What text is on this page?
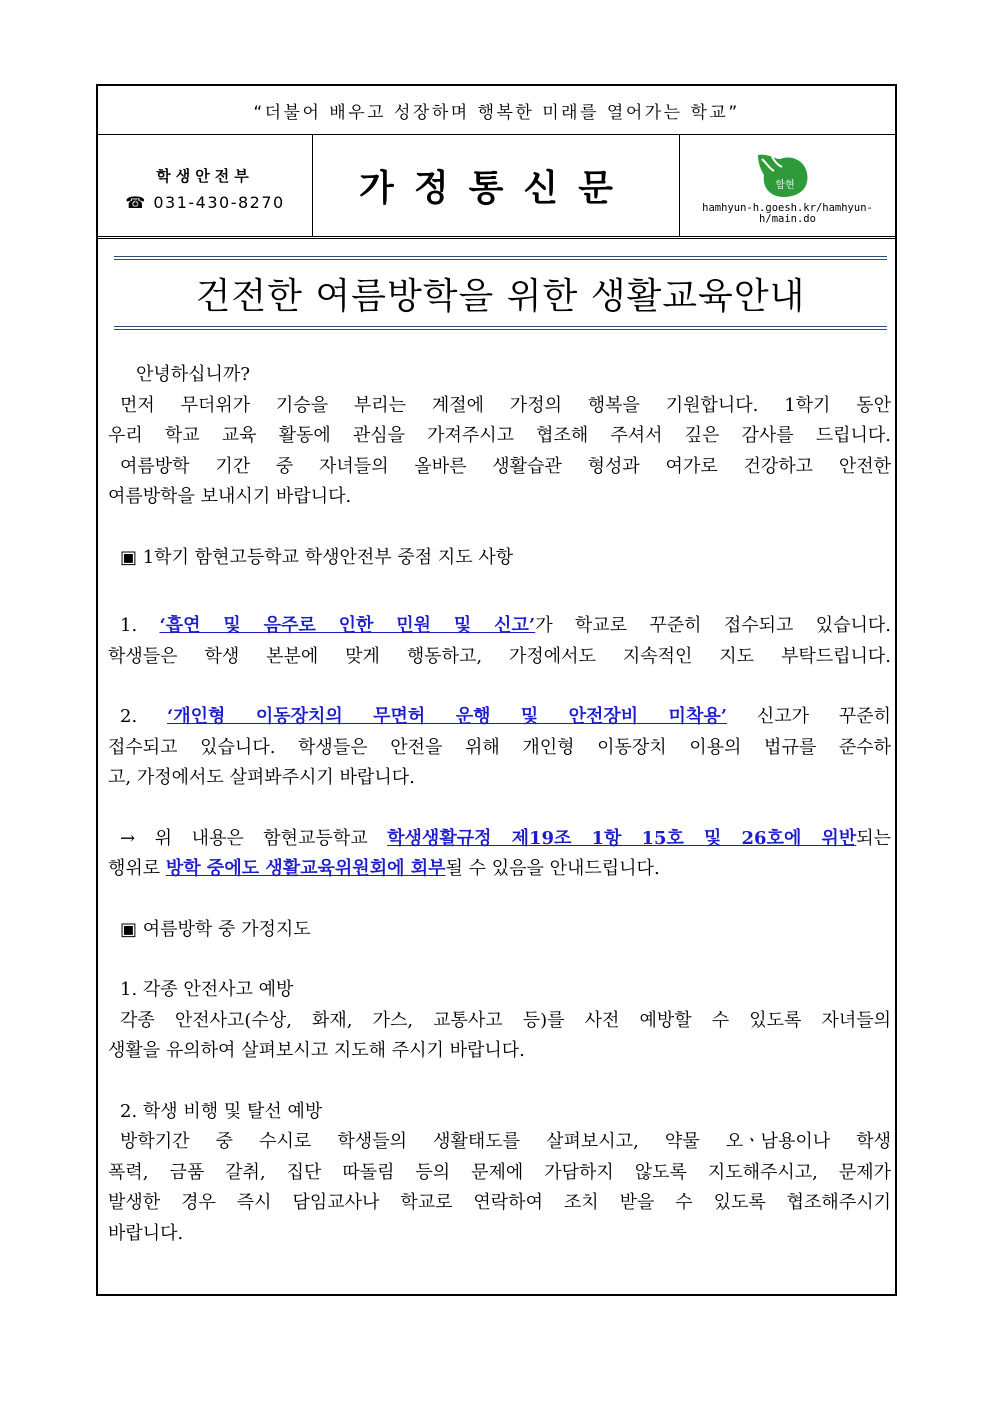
“더불어 배우고 성장하며 행복한 미래를 열어가는 학교”
학생안전부
☎ 031-430-8270	가정통신문	함현
hamhyun-h.goesh.kr/hamhyun-h/main.do
건전한 여름방학을 위한 생활교육안내

안녕하십니까?

먼저 무더위가 기승을 부리는 계절에 가정의 행복을 기원합니다. 1학기 동안

우리 학교 교육 활동에 관심을 가져주시고 협조해 주셔서 깊은 감사를 드립니다.

여름방학 기간 중 자녀들의 올바른 생활습관 형성과 여가로 건강하고 안전한

여름방학을 보내시기 바랍니다.

▣ 1학기 함현고등학교 학생안전부 중점 지도 사항

1. ‘흡연 및 음주로 인한 민원 및 신고’가 학교로 꾸준히 접수되고 있습니다.

학생들은 학생 본분에 맞게 행동하고, 가정에서도 지속적인 지도 부탁드립니다.

2. ‘개인형 이동장치의 무면허 운행 및 안전장비 미착용’ 신고가 꾸준히

접수되고 있습니다. 학생들은 안전을 위해 개인형 이동장치 이용의 법규를 준수하

고, 가정에서도 살펴봐주시기 바랍니다.

→ 위 내용은 함현교등학교 학생생활규정 제19조 1항 15호 및 26호에 위반되는

행위로 방학 중에도 생활교육위원회에 회부될 수 있음을 안내드립니다.

▣ 여름방학 중 가정지도

1. 각종 안전사고 예방

각종 안전사고(수상, 화재, 가스, 교통사고 등)를 사전 예방할 수 있도록 자녀들의

생활을 유의하여 살펴보시고 지도해 주시기 바랍니다.

2. 학생 비행 및 탈선 예방

방학기간 중 수시로 학생들의 생활태도를 살펴보시고, 약물 오ㆍ남용이나 학생

폭력, 금품 갈취, 집단 따돌림 등의 문제에 가담하지 않도록 지도해주시고, 문제가

발생한 경우 즉시 담임교사나 학교로 연락하여 조치 받을 수 있도록 협조해주시기

바랍니다.
